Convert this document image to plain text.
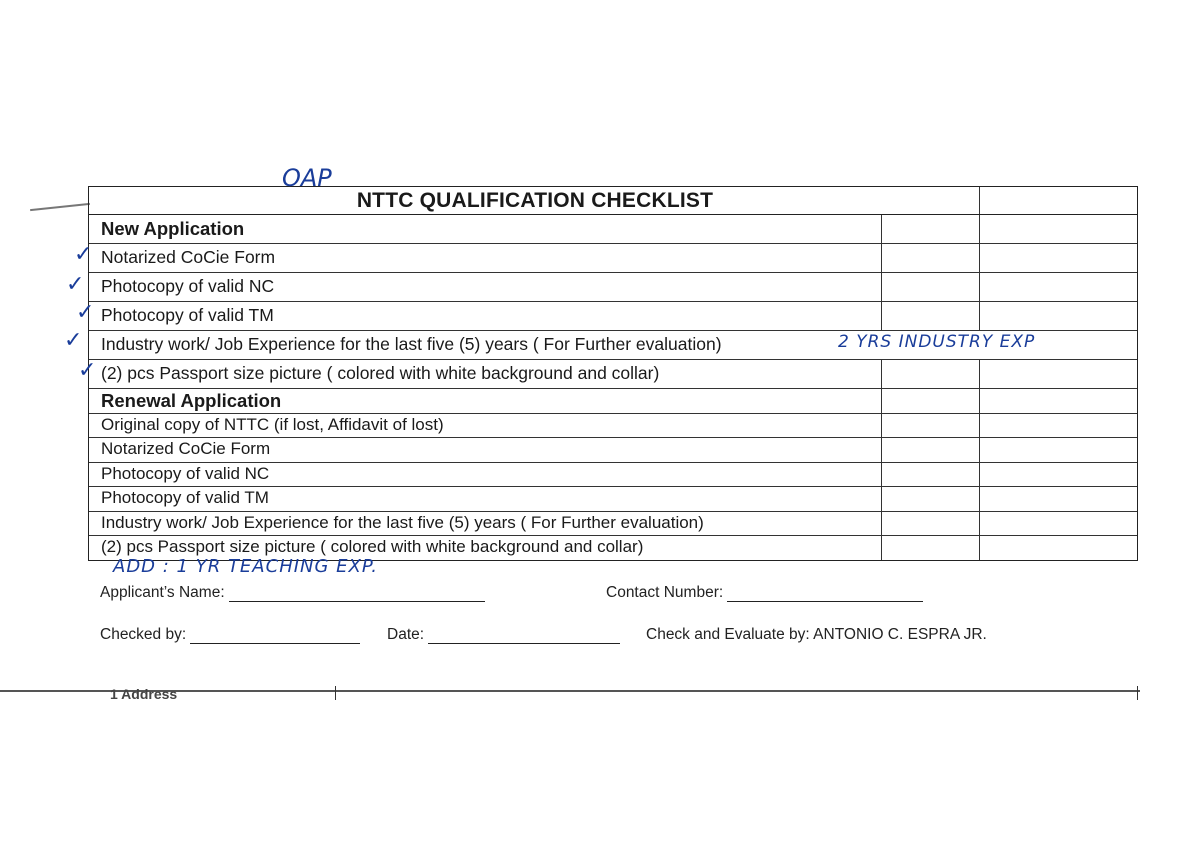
NTTC QUALIFICATION CHECKLIST
New Application
Notarized CoCie Form
Photocopy of valid NC
Photocopy of valid TM
Industry work/ Job Experience for the last five (5) years ( For Further evaluation)
(2) pcs Passport size picture ( colored with white background and collar)
Renewal Application
Original copy of NTTC (if lost, Affidavit of lost)
Notarized CoCie Form
Photocopy of valid NC
Photocopy of valid TM
Industry work/ Job Experience for the last five (5) years ( For Further evaluation)
(2) pcs Passport size picture ( colored with white background and collar)
OAP
2 YRS INDUSTRY EXP
ADD : 1 YR TEACHING EXP.
✓
✓
✓
✓
✓
Applicant’s Name:	Contact Number:
Checked by:	Date:	Check and Evaluate by: ANTONIO C. ESPRA JR.
1 Address
